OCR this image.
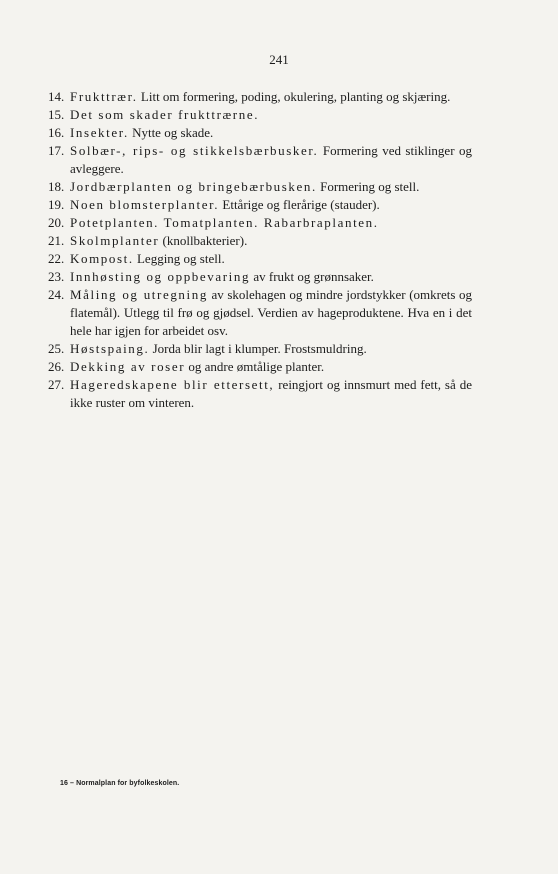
241
14. Frukttrær. Litt om formering, poding, okulering, planting og skjæring.
15. Det som skader frukttrærne.
16. Insekter. Nytte og skade.
17. Solbær-, rips- og stikkelsbærbusker. Formering ved stiklinger og avleggere.
18. Jordbærplanten og bringebærbusken. Formering og stell.
19. Noen blomsterplanter. Ettårige og flerårige (stauder).
20. Potetplanten. Tomatplanten. Rabarbraplanten.
21. Skolmplanter (knollbakterier).
22. Kompost. Legging og stell.
23. Innhøsting og oppbevaring av frukt og grønnsaker.
24. Måling og utregning av skolehagen og mindre jordstykker (omkrets og flatemål). Utlegg til frø og gjødsel. Verdien av hageproduktene. Hva en i det hele har igjen for arbeidet osv.
25. Høstspaing. Jorda blir lagt i klumper. Frostsmuldring.
26. Dekking av roser og andre ømtålige planter.
27. Hageredskapene blir ettersett, reingjort og innsmurt med fett, så de ikke ruster om vinteren.
16 – Normalplan for byfolkeskolen.
